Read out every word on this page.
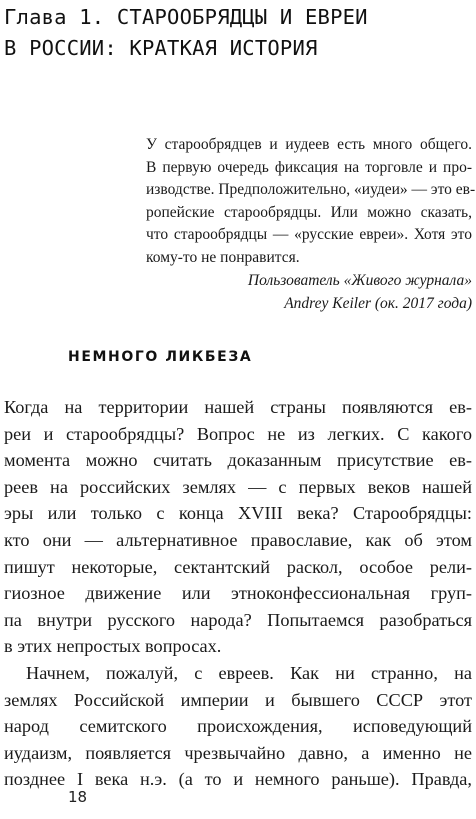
Глава 1. СТАРООБРЯДЦЫ И ЕВРЕИ
В РОССИИ: КРАТКАЯ ИСТОРИЯ
У старообрядцев и иудеев есть много общего.
В первую очередь фиксация на торговле и про-
изводстве. Предположительно, «иудеи» — это ев-
ропейские старообрядцы. Или можно сказать,
что старообрядцы — «русские евреи». Хотя это
кому-то не понравится.
Пользователь «Живого журнала»
Andrey Keiler (ок. 2017 года)
НЕМНОГО ЛИКБЕЗА
Когда на территории нашей страны появляются ев-
реи и старообрядцы? Вопрос не из легких. С какого
момента можно считать доказанным присутствие ев-
реев на российских землях — с первых веков нашей
эры или только с конца XVIII века? Старообрядцы:
кто они — альтернативное православие, как об этом
пишут некоторые, сектантский раскол, особое рели-
гиозное движение или этноконфессиональная груп-
па внутри русского народа? Попытаемся разобраться
в этих непростых вопросах.
Начнем, пожалуй, с евреев. Как ни странно, на
землях Российской империи и бывшего СССР этот
народ семитского происхождения, исповедующий
иудаизм, появляется чрезвычайно давно, а именно не
позднее I века н.э. (а то и немного раньше). Правда,
18
